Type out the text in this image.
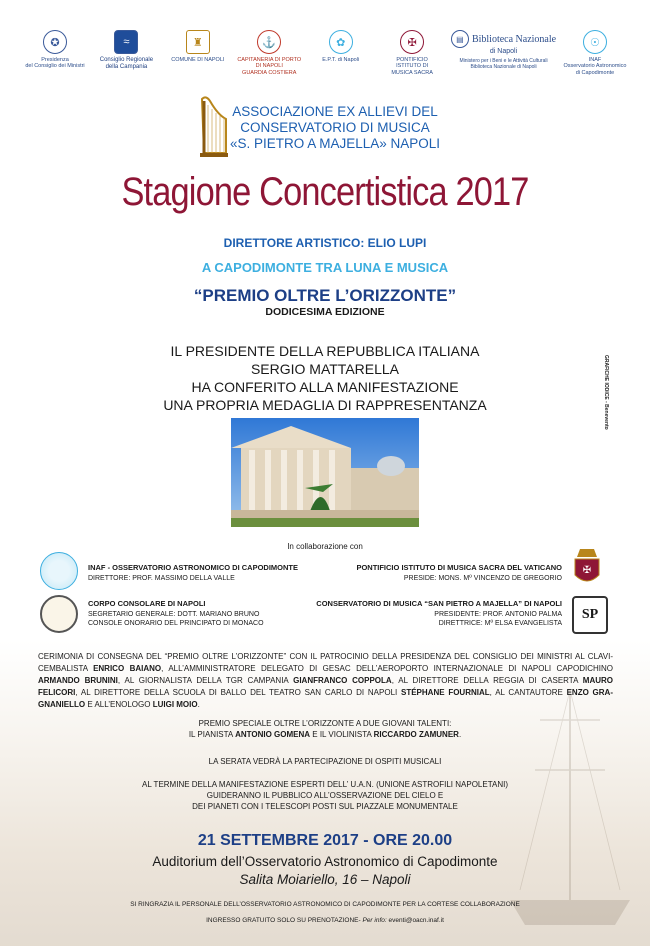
✪
Presidenza
del Consiglio dei Ministri
≈
Consiglio Regionale
della Campania
♜
COMUNE DI NAPOLI
⚓
CAPITANERIA DI PORTO
DI NAPOLI
GUARDIA COSTIERA
✿
E.P.T. di Napoli
✠
PONTIFICIO
ISTITUTO DI
MUSICA SACRA
▤ Biblioteca Nazionale
di Napoli
Ministero per i Beni e le Attività Culturali
Biblioteca Nazionale di Napoli
☉
INAF
Osservatorio Astronomico
di Capodimonte
ASSOCIAZIONE EX ALLIEVI DEL
CONSERVATORIO DI MUSICA
«S. PIETRO A MAJELLA» NAPOLI
Stagione Concertistica 2017
DIRETTORE ARTISTICO: ELIO LUPI
A CAPODIMONTE TRA LUNA E MUSICA
“PREMIO OLTRE L’ORIZZONTE”
DODICESIMA EDIZIONE
IL PRESIDENTE DELLA REPUBBLICA ITALIANA
SERGIO MATTARELLA
HA CONFERITO ALLA MANIFESTAZIONE
UNA PROPRIA MEDAGLIA DI RAPPRESENTANZA	GRAFICHE IODICE - Benevento
In collaborazione con
INAF - OSSERVATORIO ASTRONOMICO DI CAPODIMONTE
DIRETTORE: PROF. MASSIMO DELLA VALLE
PONTIFICIO ISTITUTO DI MUSICA SACRA DEL VATICANO
PRESIDE: MONS. Mº VINCENZO DE GREGORIO
✠
CORPO CONSOLARE DI NAPOLI
SEGRETARIO GENERALE: DOTT. MARIANO BRUNO
CONSOLE ONORARIO DEL PRINCIPATO DI MONACO
CONSERVATORIO DI MUSICA “SAN PIETRO A MAJELLA” DI NAPOLI
PRESIDENTE: PROF. ANTONIO PALMA
DIRETTRICE: Mº ELSA EVANGELISTA
SP
CERIMONIA DI CONSEGNA DEL “PREMIO OLTRE L’ORIZZONTE” CON IL PATROCINIO DELLA PRESIDENZA DEL CONSIGLIO DEI MINISTRI AL CLAVI- CEMBALISTA ENRICO BAIANO, ALL’AMMINISTRATORE DELEGATO DI GESAC DELL’AEROPORTO INTERNAZIONALE DI NAPOLI CAPODICHINO ARMANDO BRUNINI, AL GIORNALISTA DELLA TGR CAMPANIA GIANFRANCO COPPOLA, AL DIRETTORE DELLA REGGIA DI CASERTA MAURO FELICORI, AL DIRETTORE DELLA SCUOLA DI BALLO DEL TEATRO SAN CARLO DI NAPOLI STÉPHANE FOURNIAL, AL CANTAUTORE ENZO GRA- GNANIELLO E ALL’ENOLOGO LUIGI MOIO.
PREMIO SPECIALE OLTRE L’ORIZZONTE A DUE GIOVANI TALENTI:
IL PIANISTA ANTONIO GOMENA E IL VIOLINISTA RICCARDO ZAMUNER.
LA SERATA VEDRÀ LA PARTECIPAZIONE DI OSPITI MUSICALI
AL TERMINE DELLA MANIFESTAZIONE ESPERTI DELL’ U.A.N. (UNIONE ASTROFILI NAPOLETANI)
GUIDERANNO IL PUBBLICO ALL’OSSERVAZIONE DEL CIELO E
DEI PIANETI CON I TELESCOPI POSTI SUL PIAZZALE MONUMENTALE
21 SETTEMBRE 2017 - ORE 20.00
Auditorium dell’Osservatorio Astronomico di Capodimonte
Salita Moiariello, 16 – Napoli
SI RINGRAZIA IL PERSONALE DELL’OSSERVATORIO ASTRONOMICO DI CAPODIMONTE PER LA CORTESE COLLABORAZIONE
INGRESSO GRATUITO SOLO SU PRENOTAZIONE- Per info: eventi@oacn.inaf.it
